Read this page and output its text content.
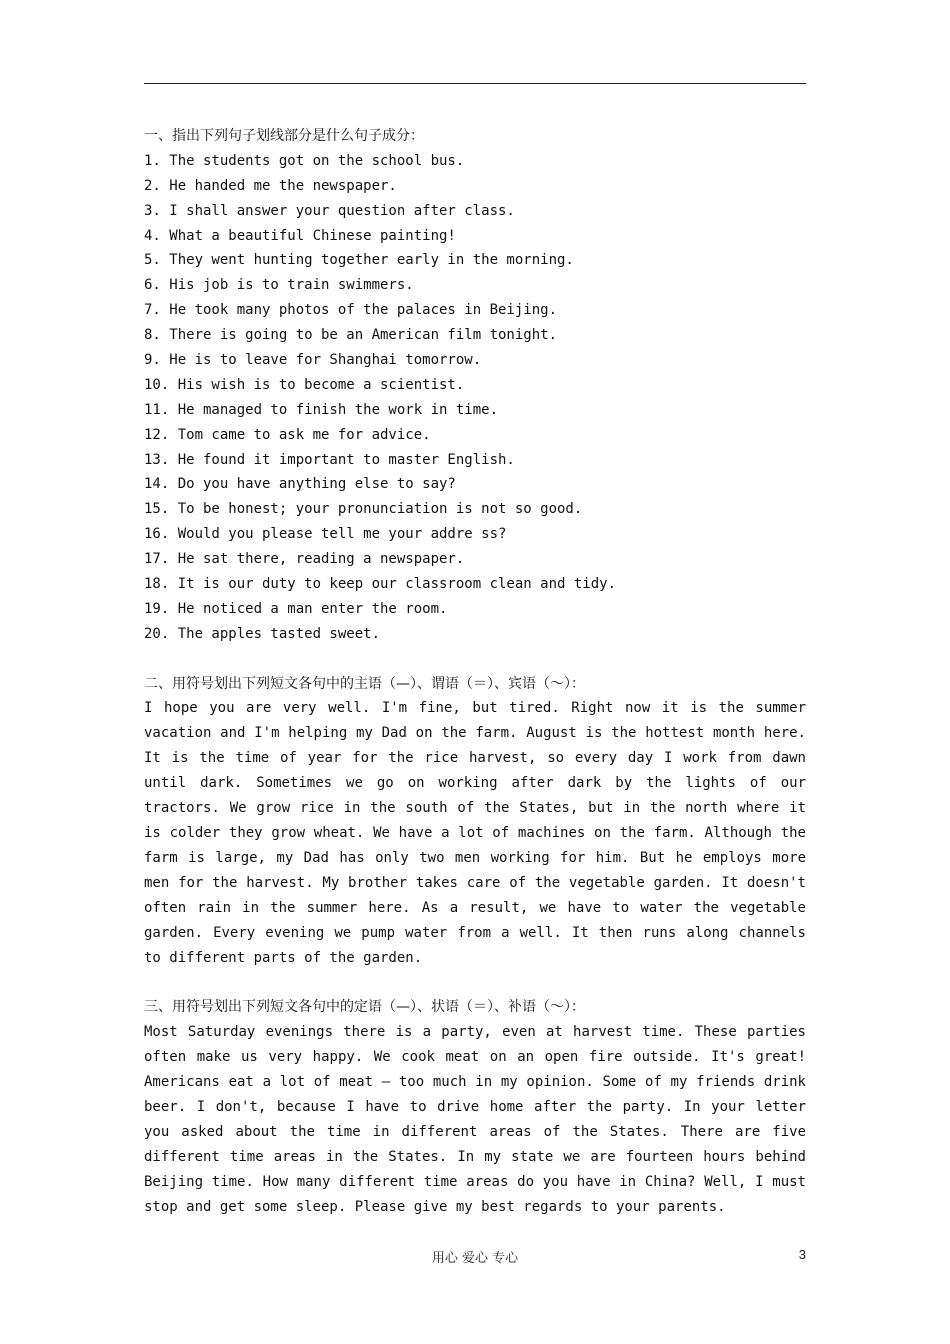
一、指出下列句子划线部分是什么句子成分：
1. The students got on the school bus.
2. He handed me the newspaper.
3. I shall answer your question after class.
4. What a beautiful Chinese painting!
5. They went hunting together early in the morning.
6. His job is to train swimmers.
7. He took many photos of the palaces in Beijing.
8. There is going to be an American film tonight.
9. He is to leave for Shanghai tomorrow.
10. His wish is to become a scientist.
11. He managed to finish the work in time.
12. Tom came to ask me for advice.
13. He found it important to master English.
14. Do you have anything else to say?
15. To be honest; your pronunciation is not so good.
16. Would you please tell me your addre ss?
17. He sat there, reading a newspaper.
18. It is our duty to keep our classroom clean and tidy.
19. He noticed a man enter the room.
20. The apples tasted sweet.
二、用符号划出下列短文各句中的主语（—）、谓语（＝）、宾语（～）：
I hope you are very well. I'm fine, but tired. Right now it is the summer vacation and I'm helping my Dad on the farm. August is the hottest month here. It is the time of year for the rice harvest, so every day I work from dawn until dark. Sometimes we go on working after dark by the lights of our tractors. We grow rice in the south of the States, but in the north where it is colder they grow wheat. We have a lot of machines on the farm. Although the farm is large, my Dad has only two men working for him. But he employs more men for the harvest. My brother takes care of the vegetable garden. It doesn't often rain in the summer here. As a result, we have to water the vegetable garden. Every evening we pump water from a well. It then runs along channels to different parts of the garden.
三、用符号划出下列短文各句中的定语（—）、状语（＝）、补语（～）：
Most Saturday evenings there is a party, even at harvest time. These parties often make us very happy. We cook meat on an open fire outside. It's great! Americans eat a lot of meat — too much in my opinion. Some of my friends drink beer. I don't, because I have to drive home after the party. In your letter you asked about the time in different areas of the States. There are five different time areas in the States. In my state we are fourteen hours behind Beijing time. How many different time areas do you have in China? Well, I must stop and get some sleep. Please give my best regards to your parents.
用心 爱心 专心	3
